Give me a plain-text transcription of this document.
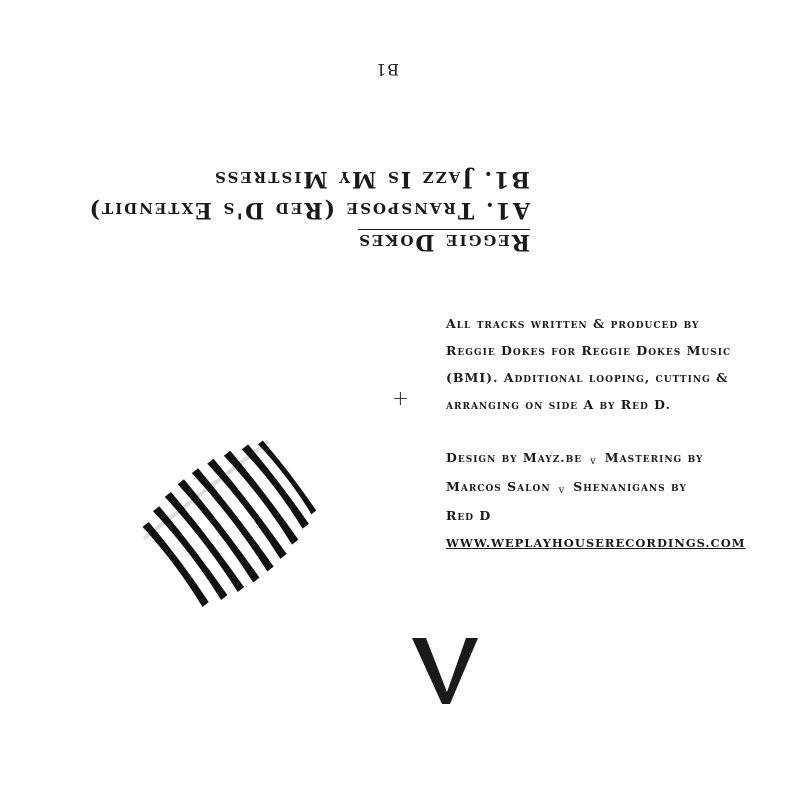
B1
B1. Jazz Is My Mistress
A1. Transpose (Red D's Extendit)
Reggie Dokes

All tracks written & produced by

Reggie Dokes for Reggie Dokes Music

(BMI). Additional looping, cutting &

arranging on side A by Red D.

Design by Mayz.be v Mastering by

Marcos Salon v Shenanigans by

Red D

WWW.WEPLAYHOUSERECORDINGS.COM

+
